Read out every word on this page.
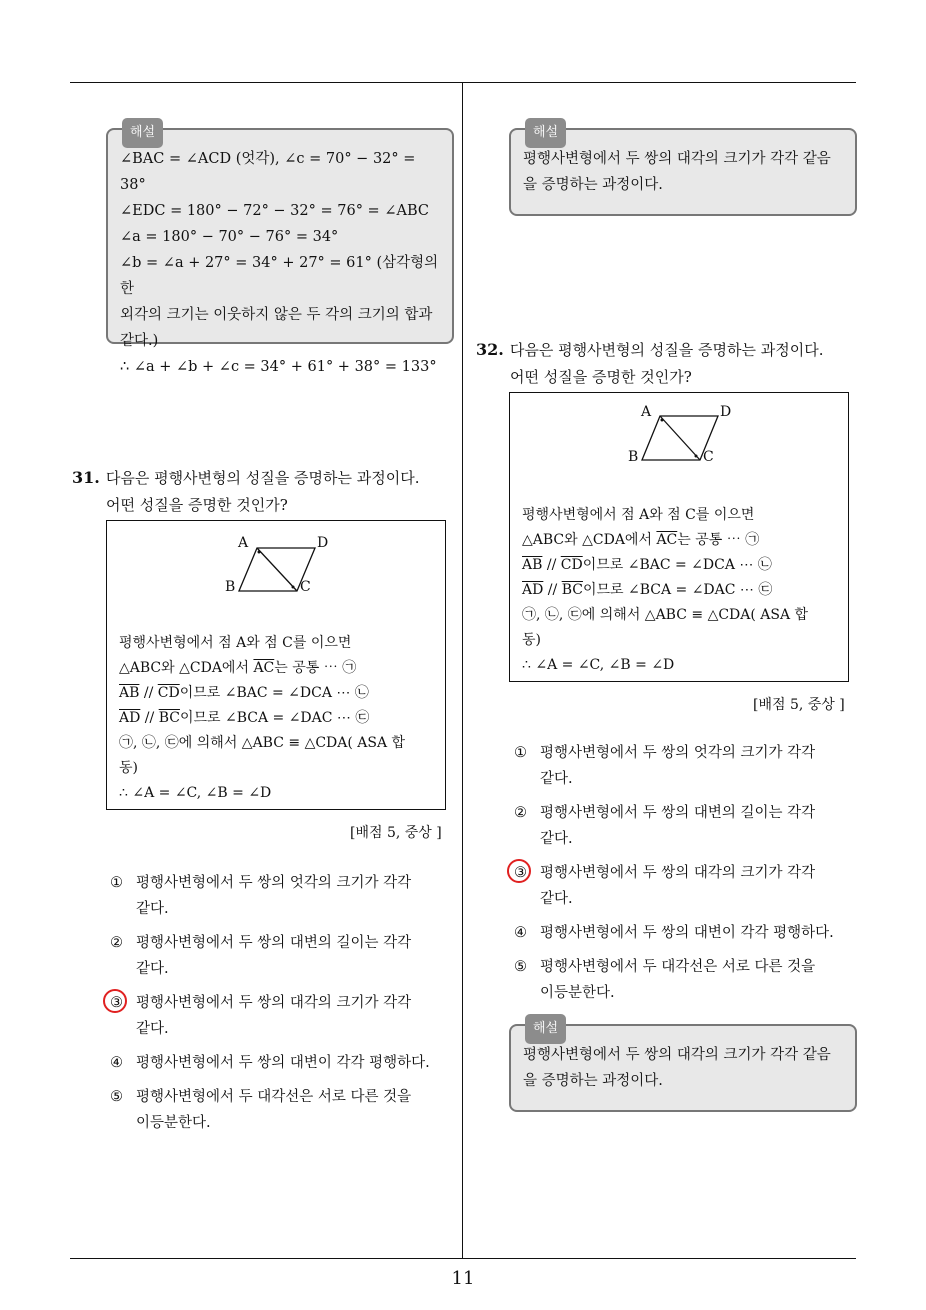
해설
∠BAC = ∠ACD (엇각), ∠c = 70° − 32° = 38°
∠EDC = 180° − 72° − 32° = 76° = ∠ABC
∠a = 180° − 70° − 76° = 34°
∠b = ∠a + 27° = 34° + 27° = 61° (삼각형의 한
외각의 크기는 이웃하지 않은 두 각의 크기의 합과
같다.)
∴ ∠a + ∠b + ∠c = 34° + 61° + 38° = 133°
31. 다음은 평행사변형의 성질을 증명하는 과정이다.
어떤 성질을 증명한 것인가?
A	D
B	C
평행사변형에서 점 A와 점 C를 이으면
△ABC와 △CDA에서 $\overline{AC}$는 공통 ⋯ ㉠
$\overline{AB} // \overline{CD}$이므로 ∠BAC = ∠DCA ⋯ ㉡
$\overline{AD} // \overline{BC}$이므로 ∠BCA = ∠DAC ⋯ ㉢
㉠, ㉡, ㉢에 의해서 △ABC ≡ △CDA( ASA 합
동)
∴ ∠A = ∠C, ∠B = ∠D
[배점 5, 중상 ]
① 평행사변형에서 두 쌍의 엇각의 크기가 각각
같다.
② 평행사변형에서 두 쌍의 대변의 길이는 각각
같다.
③ 평행사변형에서 두 쌍의 대각의 크기가 각각
같다.
④ 평행사변형에서 두 쌍의 대변이 각각 평행하다.
⑤ 평행사변형에서 두 대각선은 서로 다른 것을
이등분한다.
해설
평행사변형에서 두 쌍의 대각의 크기가 각각 같음
을 증명하는 과정이다.
32. 다음은 평행사변형의 성질을 증명하는 과정이다.
어떤 성질을 증명한 것인가?
A	D
B	C
평행사변형에서 점 A와 점 C를 이으면
△ABC와 △CDA에서 $\overline{AC}$는 공통 ⋯ ㉠
$\overline{AB} // \overline{CD}$이므로 ∠BAC = ∠DCA ⋯ ㉡
$\overline{AD} // \overline{BC}$이므로 ∠BCA = ∠DAC ⋯ ㉢
㉠, ㉡, ㉢에 의해서 △ABC ≡ △CDA( ASA 합
동)
∴ ∠A = ∠C, ∠B = ∠D
[배점 5, 중상 ]
① 평행사변형에서 두 쌍의 엇각의 크기가 각각
같다.
② 평행사변형에서 두 쌍의 대변의 길이는 각각
같다.
③ 평행사변형에서 두 쌍의 대각의 크기가 각각
같다.
④ 평행사변형에서 두 쌍의 대변이 각각 평행하다.
⑤ 평행사변형에서 두 대각선은 서로 다른 것을
이등분한다.
해설
평행사변형에서 두 쌍의 대각의 크기가 각각 같음
을 증명하는 과정이다.
11
